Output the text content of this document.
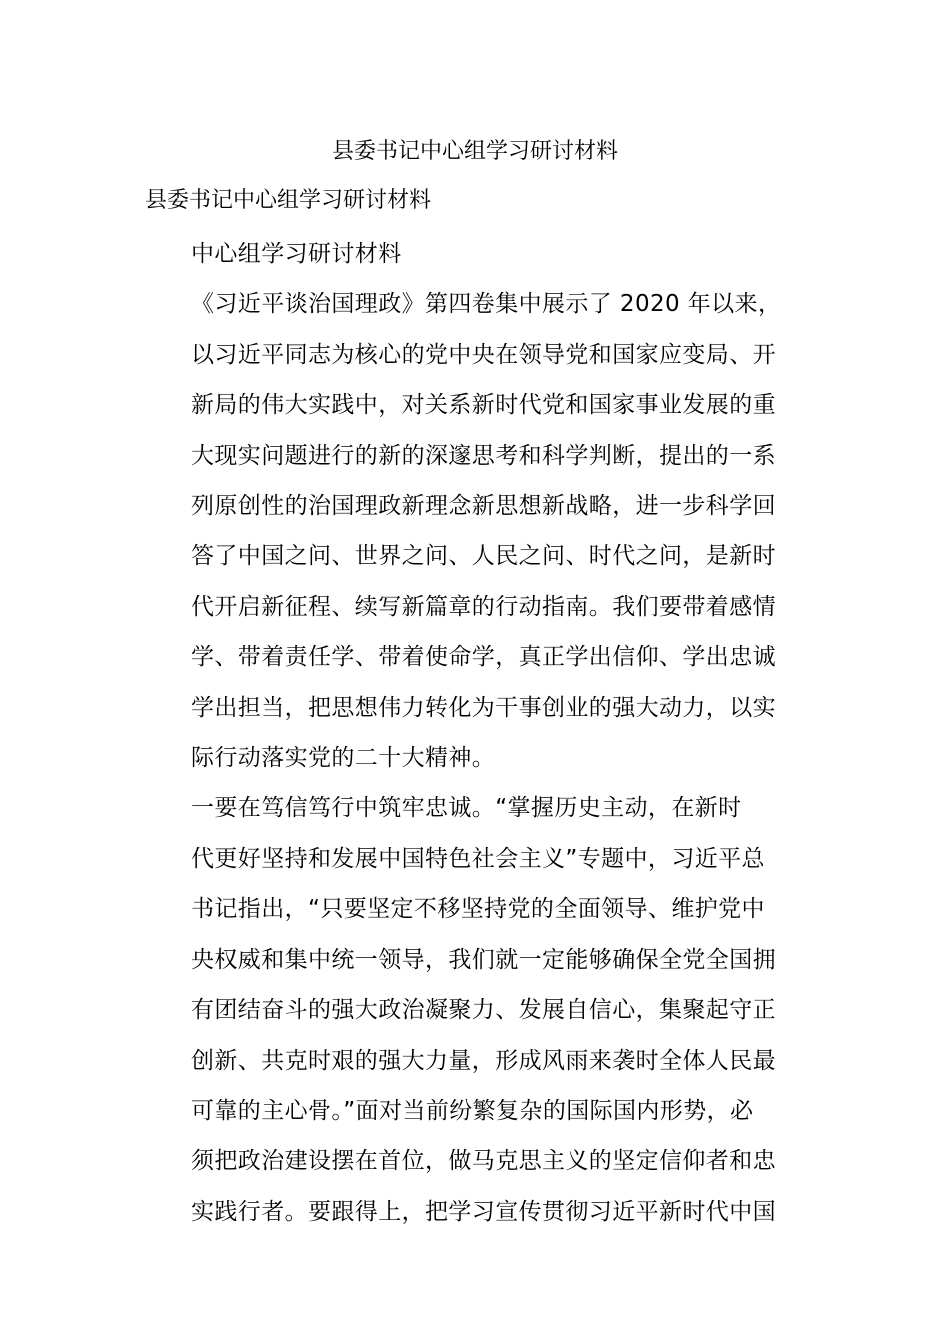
县委书记中心组学习研讨材料
县委书记中心组学习研讨材料

中心组学习研讨材料

《习近平谈治国理政》第四卷集中展示了 2020 年以来，
以习近平同志为核心的党中央在领导党和国家应变局、开
新局的伟大实践中，对关系新时代党和国家事业发展的重
大现实问题进行的新的深邃思考和科学判断，提出的一系
列原创性的治国理政新理念新思想新战略，进一步科学回
答了中国之问、世界之问、人民之问、时代之问，是新时
代开启新征程、续写新篇章的行动指南。我们要带着感情
学、带着责任学、带着使命学，真正学出信仰、学出忠诚
学出担当，把思想伟力转化为干事创业的强大动力，以实
际行动落实党的二十大精神。

一要在笃信笃行中筑牢忠诚。“掌握历史主动，在新时
代更好坚持和发展中国特色社会主义”专题中，习近平总
书记指出，“只要坚定不移坚持党的全面领导、维护党中
央权威和集中统一领导，我们就一定能够确保全党全国拥
有团结奋斗的强大政治凝聚力、发展自信心，集聚起守正
创新、共克时艰的强大力量，形成风雨来袭时全体人民最
可靠的主心骨。”面对当前纷繁复杂的国际国内形势，必
须把政治建设摆在首位，做马克思主义的坚定信仰者和忠
实践行者。要跟得上，把学习宣传贯彻习近平新时代中国
